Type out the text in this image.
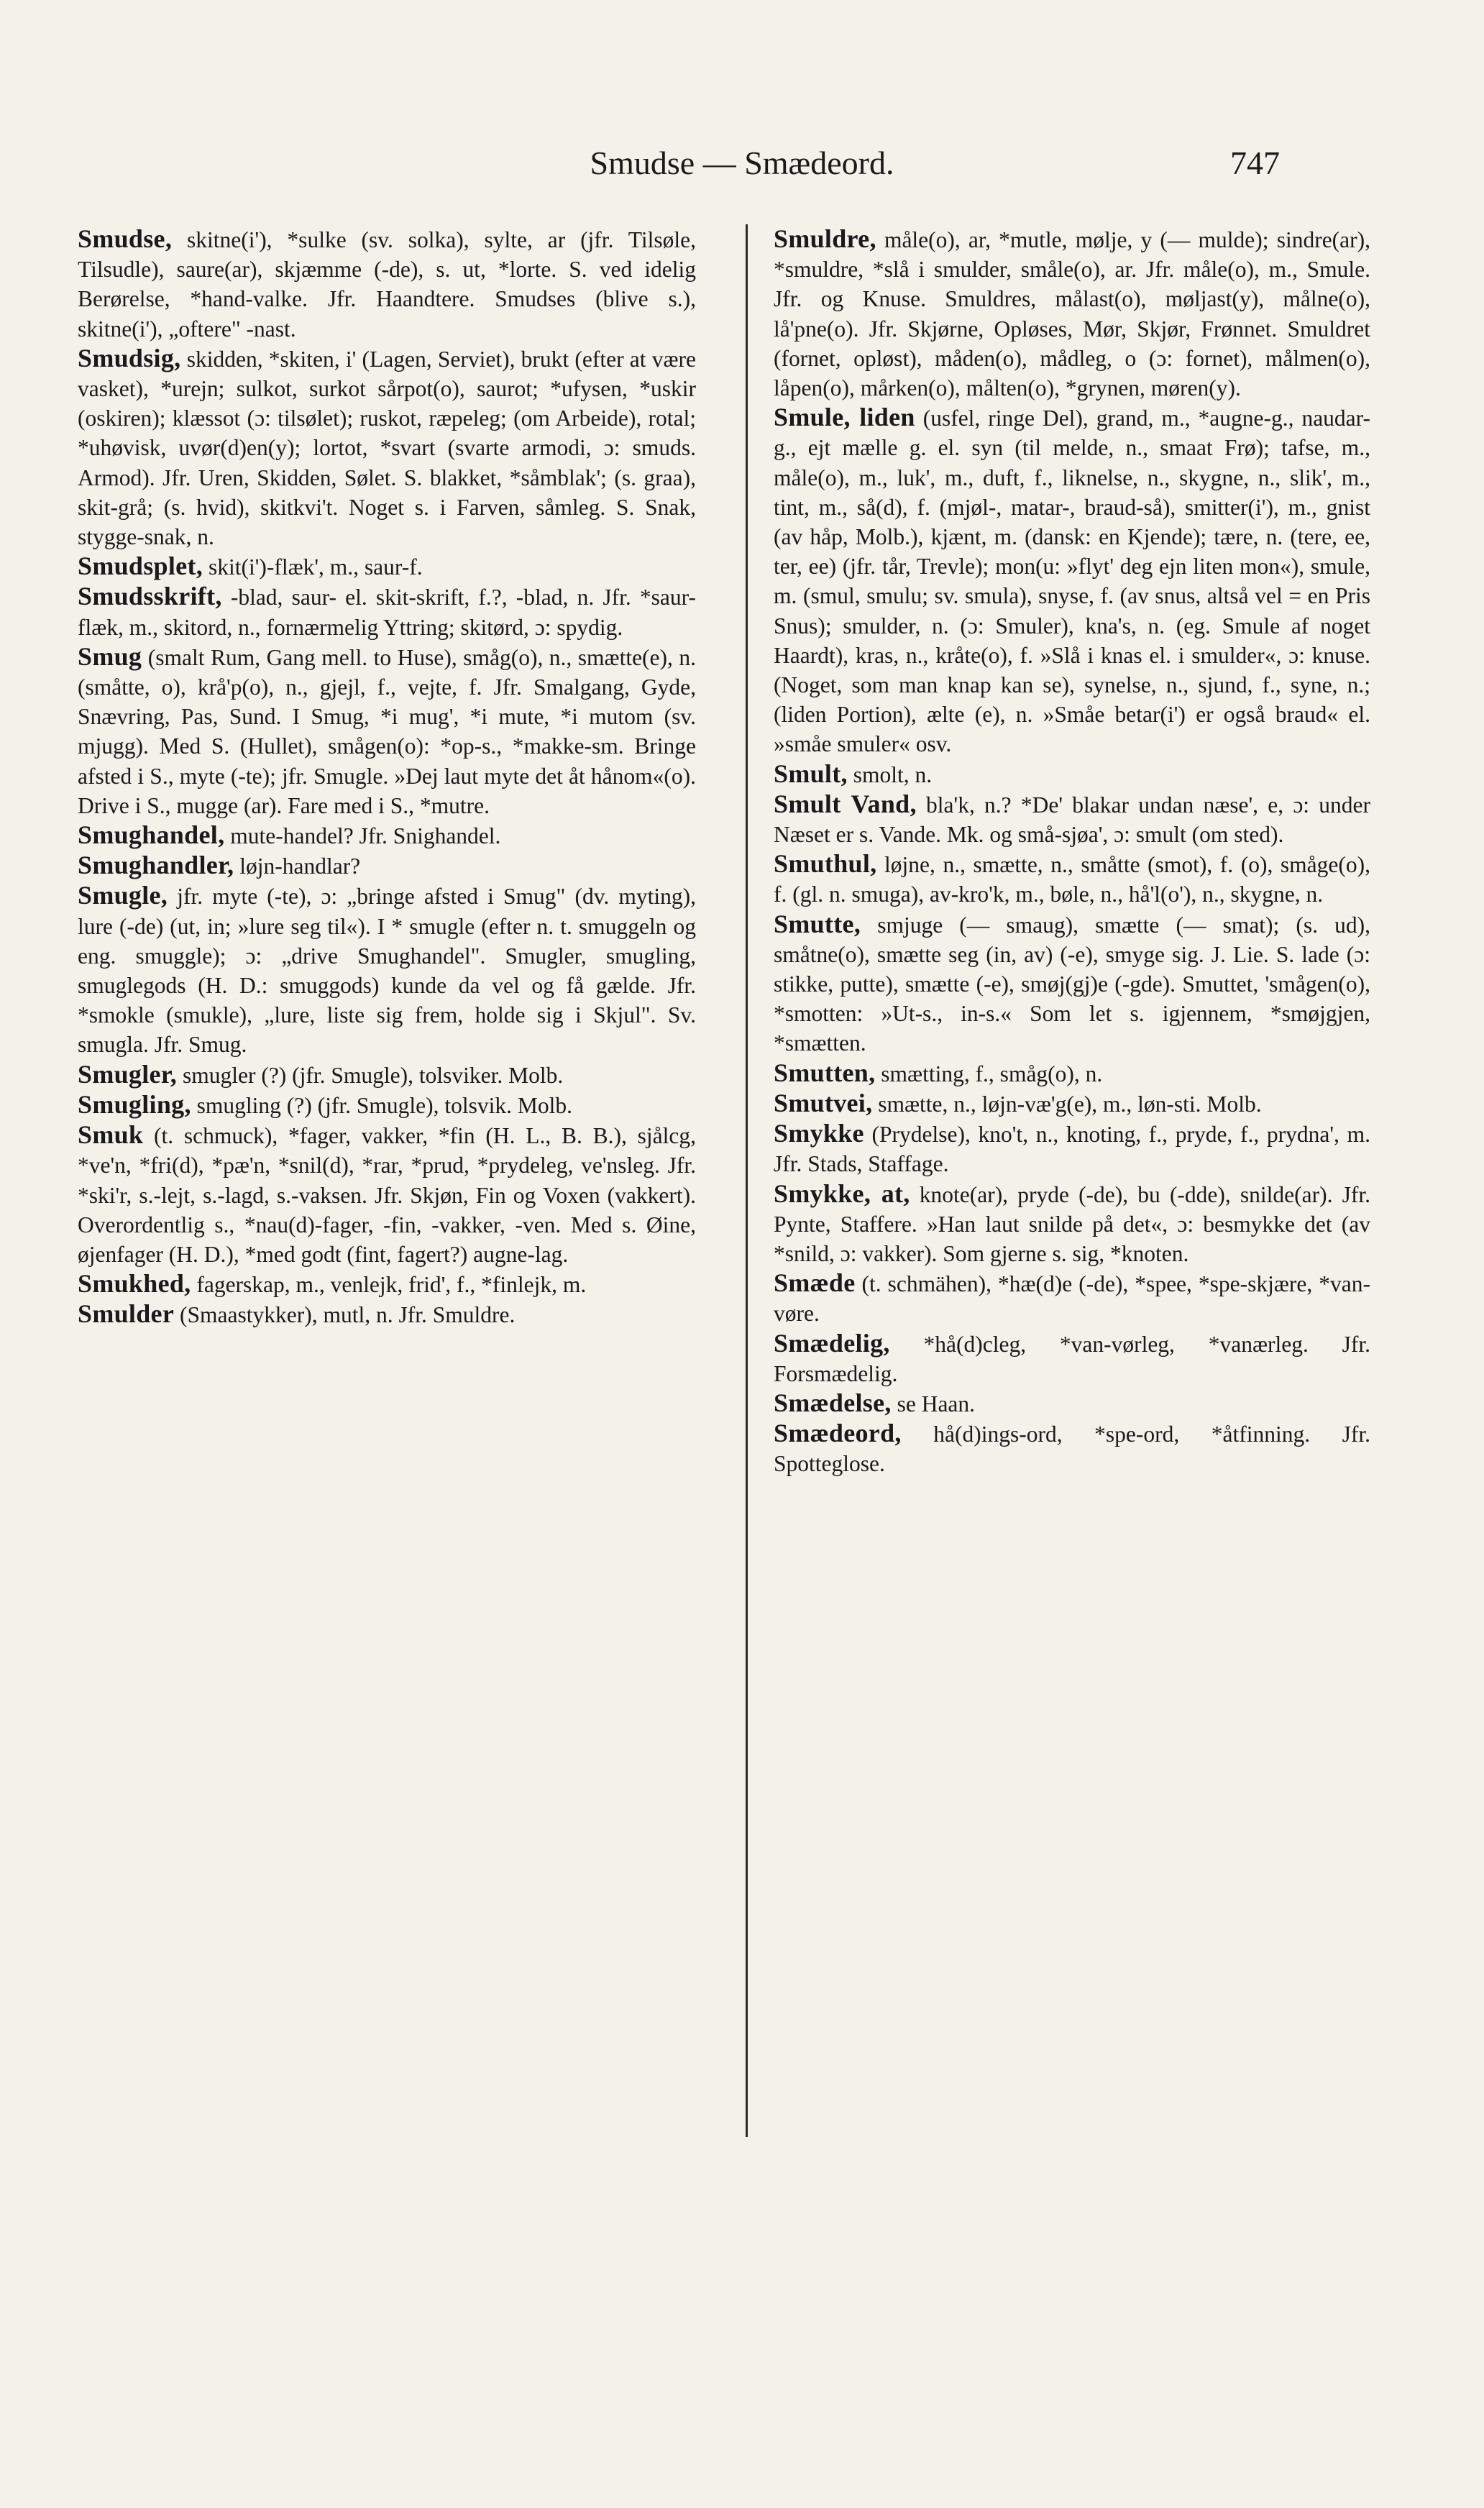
Smudse — Smædeord.	747

Smudse, skitne(i'), *sulke (sv. solka), sylte, ar (jfr. Tilsøle, Tilsudle), saure(ar), skjæmme (-de), s. ut, *lorte. S. ved idelig Berørelse, *hand-valke. Jfr. Haandtere. Smudses (blive s.), skitne(i'), „oftere" -nast.

Smudsig, skidden, *skiten, i' (Lagen, Serviet), brukt (efter at være vasket), *urejn; sulkot, surkot sårpot(o), saurot; *ufysen, *uskir (oskiren); klæssot (ɔ: tilsølet); ruskot, ræpeleg; (om Arbeide), rotal; *uhøvisk, uvør(d)en(y); lortot, *svart (svarte armodi, ɔ: smuds. Armod). Jfr. Uren, Skidden, Sølet. S. blakket, *såmblak'; (s. graa), skit-grå; (s. hvid), skitkvi't. Noget s. i Farven, såmleg. S. Snak, stygge-snak, n.

Smudsplet, skit(i')-flæk', m., saur-f.

Smudsskrift, -blad, saur- el. skit-skrift, f.?, -blad, n. Jfr. *saur-flæk, m., skitord, n., fornærmelig Yttring; skitørd, ɔ: spydig.

Smug (smalt Rum, Gang mell. to Huse), småg(o), n., smætte(e), n. (småtte, o), krå'p(o), n., gjejl, f., vejte, f. Jfr. Smalgang, Gyde, Snævring, Pas, Sund. I Smug, *i mug', *i mute, *i mutom (sv. mjugg). Med S. (Hullet), smågen(o): *op-s., *makke-sm. Bringe afsted i S., myte (-te); jfr. Smugle. »Dej laut myte det åt hånom«(o). Drive i S., mugge (ar). Fare med i S., *mutre.

Smughandel, mute-handel? Jfr. Snighandel.

Smughandler, løjn-handlar?

Smugle, jfr. myte (-te), ɔ: „bringe afsted i Smug" (dv. myting), lure (-de) (ut, in; »lure seg til«). I * smugle (efter n. t. smuggeln og eng. smuggle); ɔ: „drive Smughandel". Smugler, smugling, smuglegods (H. D.: smuggods) kunde da vel og få gælde. Jfr. *smokle (smukle), „lure, liste sig frem, holde sig i Skjul". Sv. smugla. Jfr. Smug.

Smugler, smugler (?) (jfr. Smugle), tolsviker. Molb.

Smugling, smugling (?) (jfr. Smugle), tolsvik. Molb.

Smuk (t. schmuck), *fager, vakker, *fin (H. L., B. B.), sjålcg, *ve'n, *fri(d), *pæ'n, *snil(d), *rar, *prud, *prydeleg, ve'nsleg. Jfr. *ski'r, s.-lejt, s.-lagd, s.-vaksen. Jfr. Skjøn, Fin og Voxen (vakkert). Overordentlig s., *nau(d)-fager, -fin, -vakker, -ven. Med s. Øine, øjenfager (H. D.), *med godt (fint, fagert?) augne-lag.

Smukhed, fagerskap, m., venlejk, frid', f., *finlejk, m.

Smulder (Smaastykker), mutl, n. Jfr. Smuldre.

Smuldre, måle(o), ar, *mutle, mølje, y (— mulde); sindre(ar), *smuldre, *slå i smulder, småle(o), ar. Jfr. måle(o), m., Smule. Jfr. og Knuse. Smuldres, målast(o), møljast(y), målne(o), lå'pne(o). Jfr. Skjørne, Opløses, Mør, Skjør, Frønnet. Smuldret (fornet, opløst), måden(o), mådleg, o (ɔ: fornet), målmen(o), låpen(o), mårken(o), målten(o), *grynen, møren(y).

Smule, liden (usfel, ringe Del), grand, m., *augne-g., naudar-g., ejt mælle g. el. syn (til melde, n., smaat Frø); tafse, m., måle(o), m., luk', m., duft, f., liknelse, n., skygne, n., slik', m., tint, m., så(d), f. (mjøl-, matar-, braud-så), smitter(i'), m., gnist (av håp, Molb.), kjænt, m. (dansk: en Kjende); tære, n. (tere, ee, ter, ee) (jfr. tår, Trevle); mon(u: »flyt' deg ejn liten mon«), smule, m. (smul, smulu; sv. smula), snyse, f. (av snus, altså vel = en Pris Snus); smulder, n. (ɔ: Smuler), kna's, n. (eg. Smule af noget Haardt), kras, n., kråte(o), f. »Slå i knas el. i smulder«, ɔ: knuse. (Noget, som man knap kan se), synelse, n., sjund, f., syne, n.; (liden Portion), ælte (e), n. »Småe betar(i') er også braud« el. »småe smuler« osv.

Smult, smolt, n.

Smult Vand, bla'k, n.? *De' blakar undan næse', e, ɔ: under Næset er s. Vande. Mk. og små-sjøa', ɔ: smult (om sted).

Smuthul, løjne, n., smætte, n., småtte (smot), f. (o), småge(o), f. (gl. n. smuga), av-kro'k, m., bøle, n., hå'l(o'), n., skygne, n.

Smutte, smjuge (— smaug), smætte (— smat); (s. ud), småtne(o), smætte seg (in, av) (-e), smyge sig. J. Lie. S. lade (ɔ: stikke, putte), smætte (-e), smøj(gj)e (-gde). Smuttet, 'smågen(o), *smotten: »Ut-s., in-s.« Som let s. igjennem, *smøjgjen, *smætten.

Smutten, smætting, f., småg(o), n.

Smutvei, smætte, n., løjn-væ'g(e), m., løn-sti. Molb.

Smykke (Prydelse), kno't, n., knoting, f., pryde, f., prydna', m. Jfr. Stads, Staffage.

Smykke, at, knote(ar), pryde (-de), bu (-dde), snilde(ar). Jfr. Pynte, Staffere. »Han laut snilde på det«, ɔ: besmykke det (av *snild, ɔ: vakker). Som gjerne s. sig, *knoten.

Smæde (t. schmähen), *hæ(d)e (-de), *spee, *spe-skjære, *van-vøre.

Smædelig, *hå(d)cleg, *van-vørleg, *vanærleg. Jfr. Forsmædelig.

Smædelse, se Haan.

Smædeord, hå(d)ings-ord, *spe-ord, *åtfinning. Jfr. Spotteglose.
